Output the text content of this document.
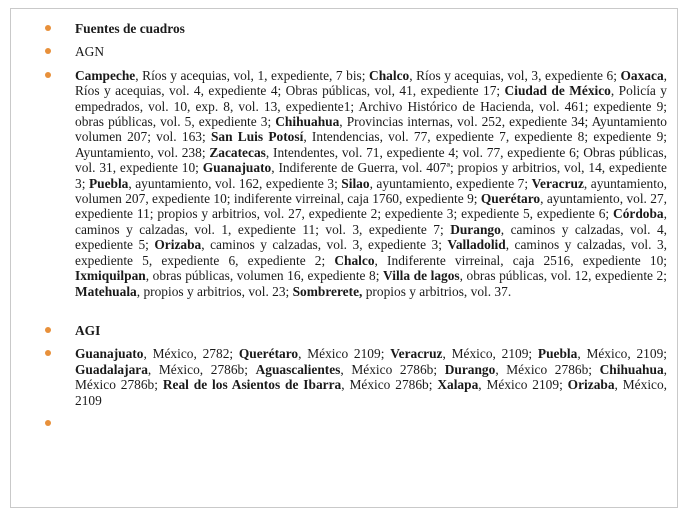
Fuentes de cuadros
AGN
Campeche, Ríos y acequias, vol, 1, expediente, 7 bis; Chalco, Ríos y acequias, vol, 3, expediente 6; Oaxaca, Ríos y acequias, vol. 4, expediente 4; Obras públicas, vol, 41, expediente 17; Ciudad de México, Policía y empedrados, vol. 10, exp. 8, vol. 13, expediente1; Archivo Histórico de Hacienda, vol. 461; expediente 9; obras públicas, vol. 5, expediente 3; Chihuahua, Provincias internas, vol. 252, expediente 34; Ayuntamiento volumen 207; vol. 163; San Luis Potosí, Intendencias, vol. 77, expediente 7, expediente 8; expediente 9; Ayuntamiento, vol. 238; Zacatecas, Intendentes, vol. 71, expediente 4; vol. 77, expediente 6; Obras públicas, vol. 31, expediente 10; Guanajuato, Indiferente de Guerra, vol. 407ª; propios y arbitrios, vol, 14, expediente 3; Puebla, ayuntamiento, vol. 162, expediente 3; Silao, ayuntamiento, expediente 7; Veracruz, ayuntamiento, volumen 207, expediente 10; indiferente virreinal, caja 1760, expediente 9; Querétaro, ayuntamiento, vol. 27, expediente 11; propios y arbitrios, vol. 27, expediente 2; expediente 3; expediente 5, expediente 6; Córdoba, caminos y calzadas, vol. 1, expediente 11; vol. 3, expediente 7; Durango, caminos y calzadas, vol. 4, expediente 5; Orizaba, caminos y calzadas, vol. 3, expediente 3; Valladolid, caminos y calzadas, vol. 3, expediente 5, expediente 6, expediente 2; Chalco, Indiferente virreinal, caja 2516, expediente 10; Ixmiquilpan, obras públicas, volumen 16, expediente 8; Villa de lagos, obras públicas, vol. 12, expediente 2; Matehuala, propios y arbitrios, vol. 23; Sombrerete, propios y arbitrios, vol. 37.
AGI
Guanajuato, México, 2782; Querétaro, México 2109; Veracruz, México, 2109; Puebla, México, 2109; Guadalajara, México, 2786b; Aguascalientes, México 2786b; Durango, México 2786b; Chihuahua, México 2786b; Real de los Asientos de Ibarra, México 2786b; Xalapa, México 2109; Orizaba, México, 2109
